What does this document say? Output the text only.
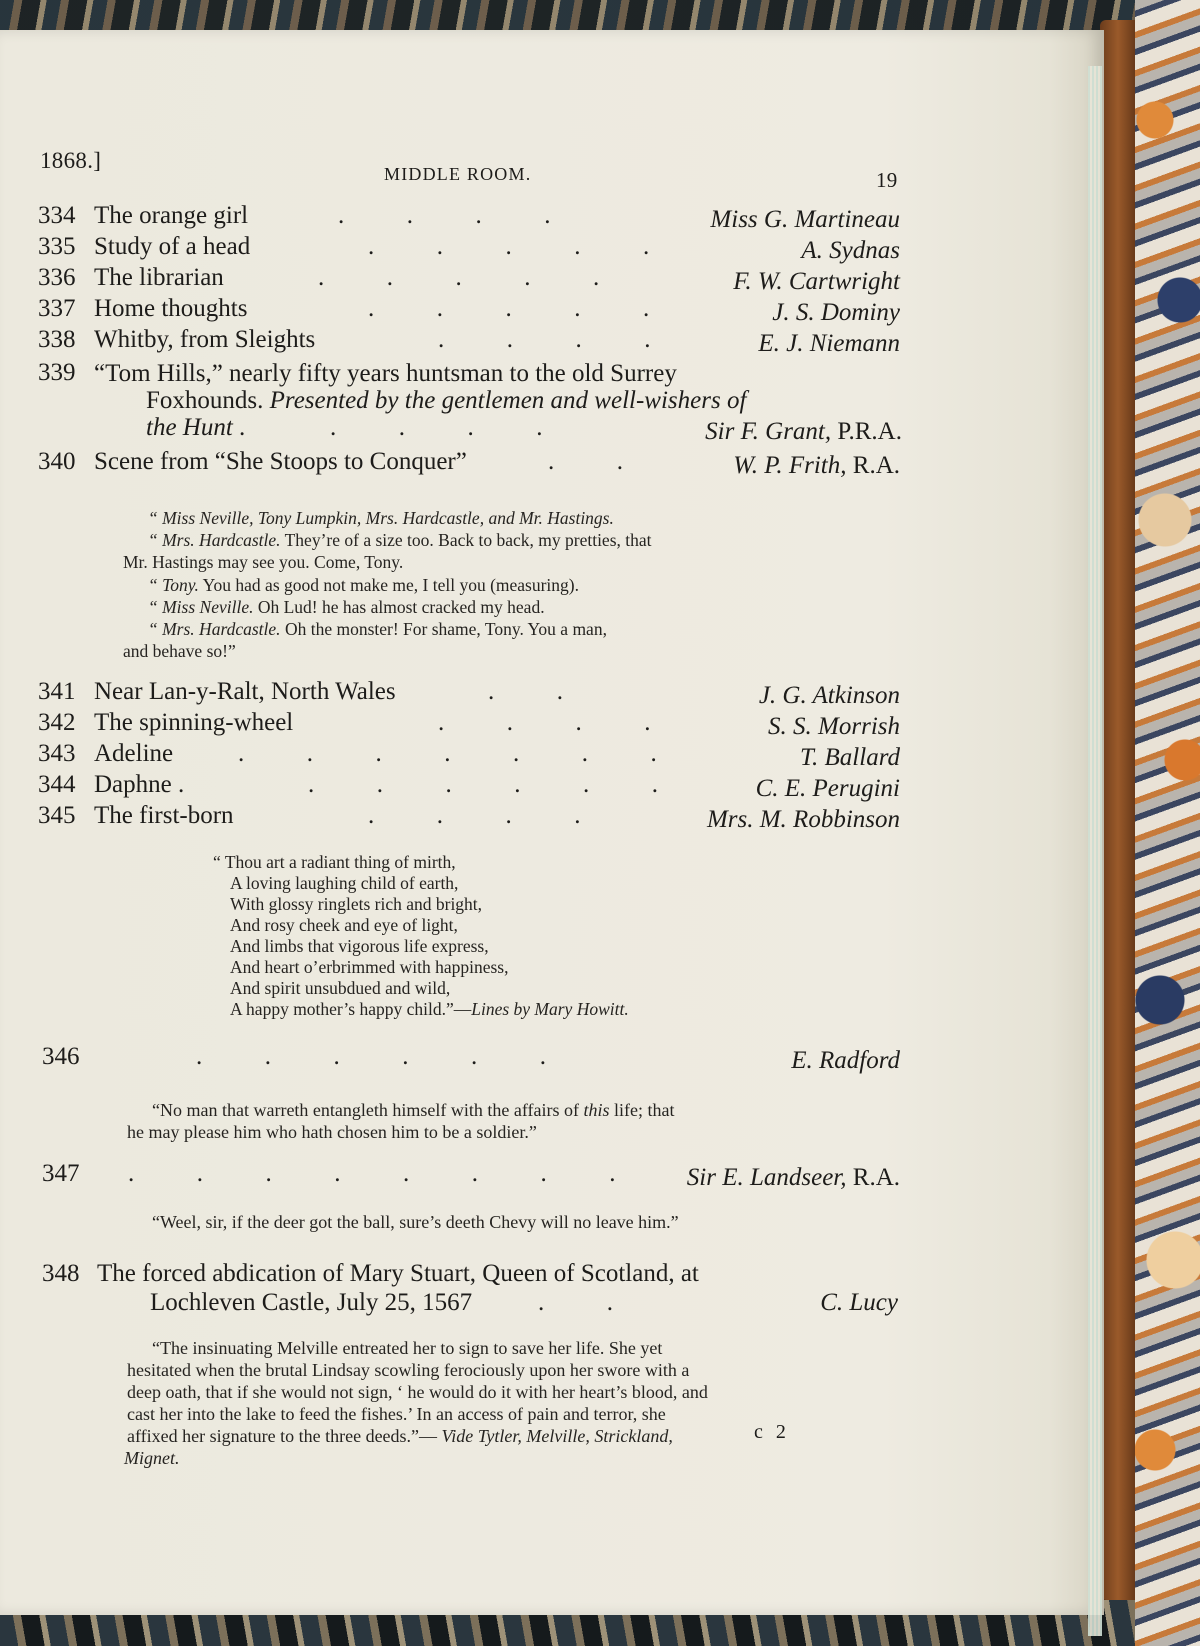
1868.]
MIDDLE ROOM.	19
334 The orange girl	.          .          .          .	Miss G. Martineau
335 Study of a head	.          .          .          .          .	A. Sydnas
336 The librarian	.          .          .          .          .	F. W. Cartwright
337 Home thoughts	.          .          .          .          .	J. S. Dominy
338 Whitby, from Sleights	.          .          .          .	E. J. Niemann
339 “Tom Hills,” nearly fifty years huntsman to the old Surrey
Foxhounds. Presented by the gentlemen and well-wishers of
the Hunt .	.          .          .          .	Sir F. Grant, P.R.A.
340 Scene from “She Stoops to Conquer”	.          .	W. P. Frith, R.A.
“ Miss Neville, Tony Lumpkin, Mrs. Hardcastle, and Mr. Hastings.
“ Mrs. Hardcastle. They’re of a size too. Back to back, my pretties, that
Mr. Hastings may see you. Come, Tony.
“ Tony. You had as good not make me, I tell you (measuring).
“ Miss Neville. Oh Lud! he has almost cracked my head.
“ Mrs. Hardcastle. Oh the monster! For shame, Tony. You a man,
and behave so!”
341 Near Lan-y-Ralt, North Wales	.          .	J. G. Atkinson
342 The spinning-wheel	.          .          .          .	S. S. Morrish
343 Adeline	.          .          .          .          .          .          .	T. Ballard
344 Daphne .	.          .          .          .          .          .	C. E. Perugini
345 The first-born	.          .          .          .	Mrs. M. Robbinson
“ Thou art a radiant thing of mirth,
A loving laughing child of earth,
With glossy ringlets rich and bright,
And rosy cheek and eye of light,
And limbs that vigorous life express,
And heart o’erbrimmed with happiness,
And spirit unsubdued and wild,
A happy mother’s happy child.”—Lines by Mary Howitt.
346	.          .          .          .          .          .	E. Radford
“No man that warreth entangleth himself with the affairs of this life; that
he may please him who hath chosen him to be a soldier.”
347	.          .          .          .          .          .          .          .	Sir E. Landseer, R.A.
“Weel, sir, if the deer got the ball, sure’s deeth Chevy will no leave him.”
348 The forced abdication of Mary Stuart, Queen of Scotland, at
Lochleven Castle, July 25, 1567	.          .	C. Lucy
“The insinuating Melville entreated her to sign to save her life. She yet
hesitated when the brutal Lindsay scowling ferociously upon her swore with a
deep oath, that if she would not sign, ‘ he would do it with her heart’s blood, and
cast her into the lake to feed the fishes.’ In an access of pain and terror, she
affixed her signature to the three deeds.”— Vide Tytler, Melville, Strickland,
Mignet.
c 2
